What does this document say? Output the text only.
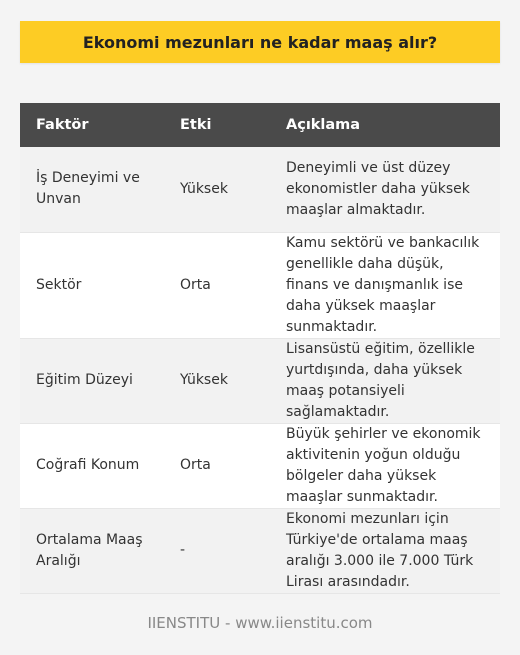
Ekonomi mezunları ne kadar maaş alır?
Faktör	Etki	Açıklama
İş Deneyimi ve Unvan	Yüksek	Deneyimli ve üst düzey ekonomistler daha yüksek maaşlar almaktadır.
Sektör	Orta	Kamu sektörü ve bankacılık genellikle daha düşük, finans ve danışmanlık ise daha yüksek maaşlar sunmaktadır.
Eğitim Düzeyi	Yüksek	Lisansüstü eğitim, özellikle yurtdışında, daha yüksek maaş potansiyeli sağlamaktadır.
Coğrafi Konum	Orta	Büyük şehirler ve ekonomik aktivitenin yoğun olduğu bölgeler daha yüksek maaşlar sunmaktadır.
Ortalama Maaş Aralığı	-	Ekonomi mezunları için Türkiye'de ortalama maaş aralığı 3.000 ile 7.000 Türk Lirası arasındadır.
IIENSTITU - www.iienstitu.com
